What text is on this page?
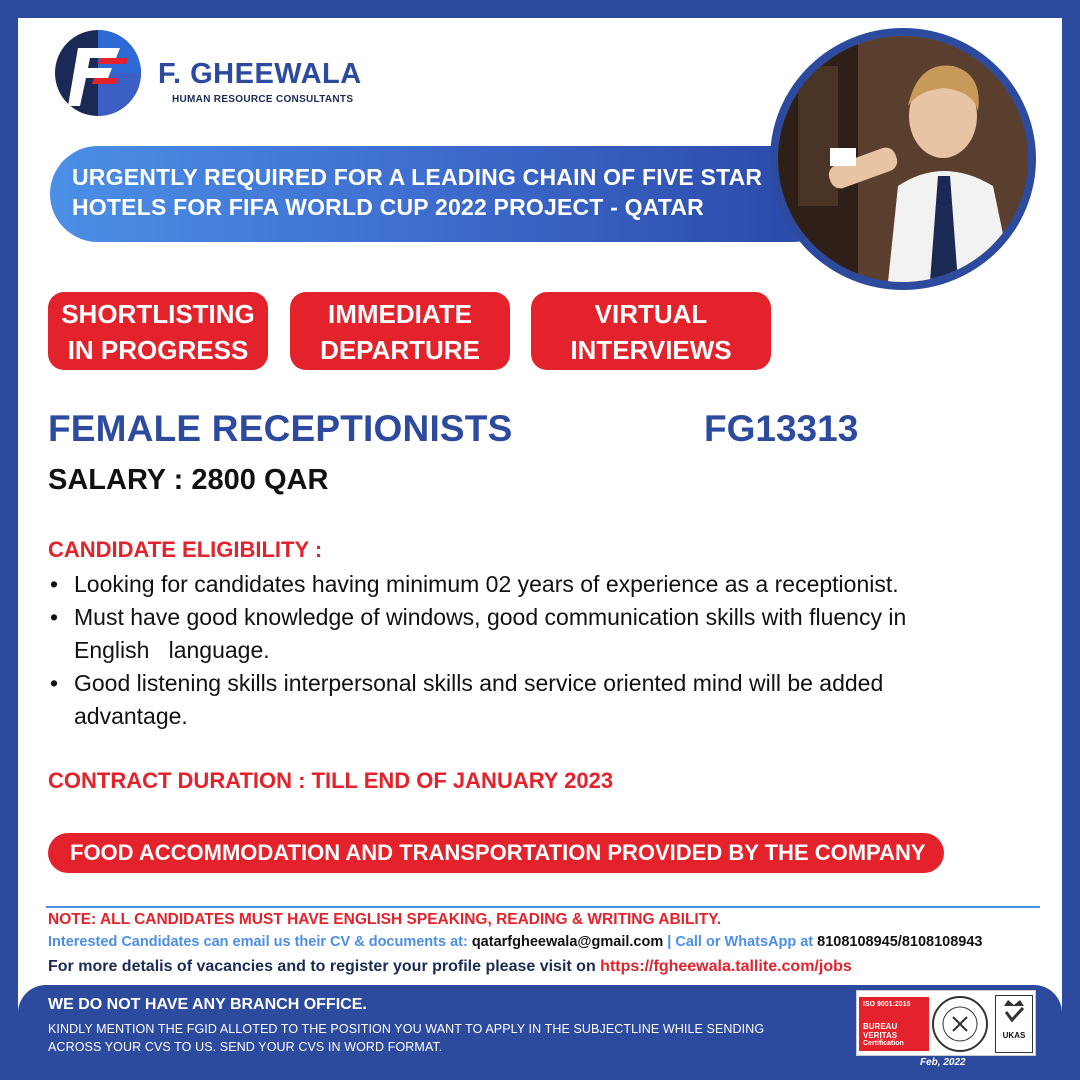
F. GHEEWALA
HUMAN RESOURCE CONSULTANTS
URGENTLY REQUIRED FOR A LEADING CHAIN OF FIVE STAR
HOTELS FOR FIFA WORLD CUP 2022 PROJECT - QATAR
SHORTLISTING
IN PROGRESS
IMMEDIATE
DEPARTURE
VIRTUAL
INTERVIEWS
FEMALE RECEPTIONISTS	FG13313
SALARY : 2800 QAR
CANDIDATE ELIGIBILITY :
• Looking for candidates having minimum 02 years of experience as a receptionist.
• Must have good knowledge of windows, good communication skills with fluency in
English   language.
• Good listening skills interpersonal skills and service oriented mind will be added
advantage.
CONTRACT DURATION : TILL END OF JANUARY 2023
FOOD ACCOMMODATION AND TRANSPORTATION PROVIDED BY THE COMPANY
NOTE: ALL CANDIDATES MUST HAVE ENGLISH SPEAKING, READING & WRITING ABILITY.
Interested Candidates can email us their CV & documents at: qatarfgheewala@gmail.com | Call or WhatsApp at 8108108945/8108108943
For more detalis of vacancies and to register your profile please visit on https://fgheewala.tallite.com/jobs
WE DO NOT HAVE ANY BRANCH OFFICE.
KINDLY MENTION THE FGID ALLOTED TO THE POSITION YOU WANT TO APPLY IN THE SUBJECTLINE WHILE SENDING
ACROSS YOUR CVS TO US. SEND YOUR CVS IN WORD FORMAT.
ISO 9001:2015
BUREAU VERITAS
Certification
UKAS
Feb, 2022
